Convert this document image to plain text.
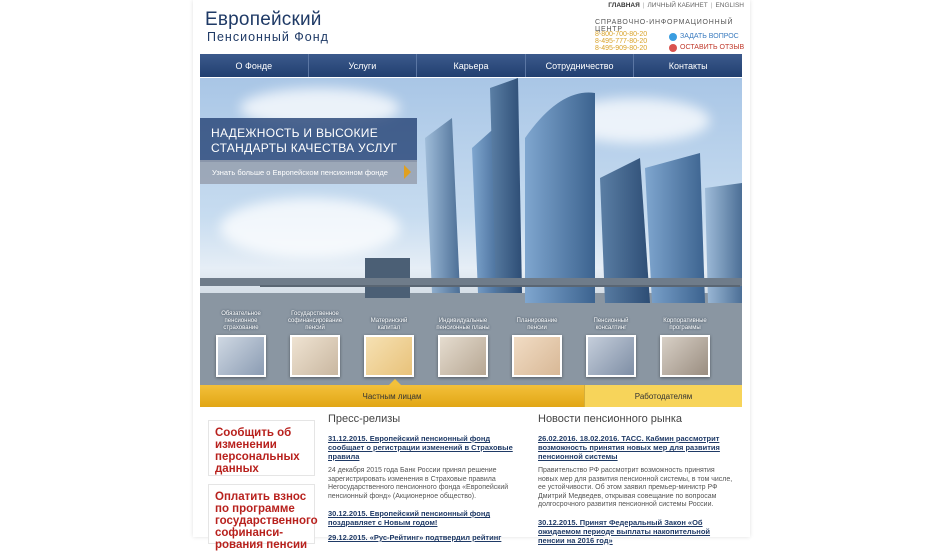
Европейский
Пенсионный Фонд
ГЛАВНАЯ | ЛИЧНЫЙ КАБИНЕТ | ENGLISH
СПРАВОЧНО-ИНФОРМАЦИОННЫЙ ЦЕНТР
8-800-700-80-20
8-495-777-80-20
8-495-909-80-20
ЗАДАТЬ ВОПРОС
ОСТАВИТЬ ОТЗЫВ
О Фонде	Услуги	Карьера	Сотрудничество	Контакты
НАДЕЖНОСТЬ И ВЫСОКИЕ СТАНДАРТЫ КАЧЕСТВА УСЛУГ
Узнать больше о Европейском пенсионном фонде
Обязательное пенсионное страхование
Государственное софинансирование пенсий
Материнский капитал
Индивидуальные пенсионные планы
Планирование пенсии
Пенсионный консалтинг
Корпоративные программы
Частным лицам	Работодателям
Сообщить об изменении персональных данных
Оплатить взнос по программе государственного софинанси-рования пенсии
Пресс-релизы
31.12.2015. Европейский пенсионный фонд сообщает о регистрации изменений в Страховые правила
24 декабря 2015 года Банк России принял решение зарегистрировать изменения в Страховые правила Негосударственного пенсионного фонда «Европейский пенсионный фонд» (Акционерное общество).
30.12.2015. Европейский пенсионный фонд поздравляет с Новым годом!
29.12.2015. «Рус-Рейтинг» подтвердил рейтинг
Новости пенсионного рынка
26.02.2016. 18.02.2016. ТАСС. Кабмин рассмотрит возможность принятия новых мер для развития пенсионной системы
Правительство РФ рассмотрит возможность принятия новых мер для развития пенсионной системы, в том числе, ее устойчивости. Об этом заявил премьер-министр РФ Дмитрий Медведев, открывая совещание по вопросам долгосрочного развития пенсионной системы России.
30.12.2015. Принят Федеральный Закон «Об ожидаемом периоде выплаты накопительной пенсии на 2016 год»
